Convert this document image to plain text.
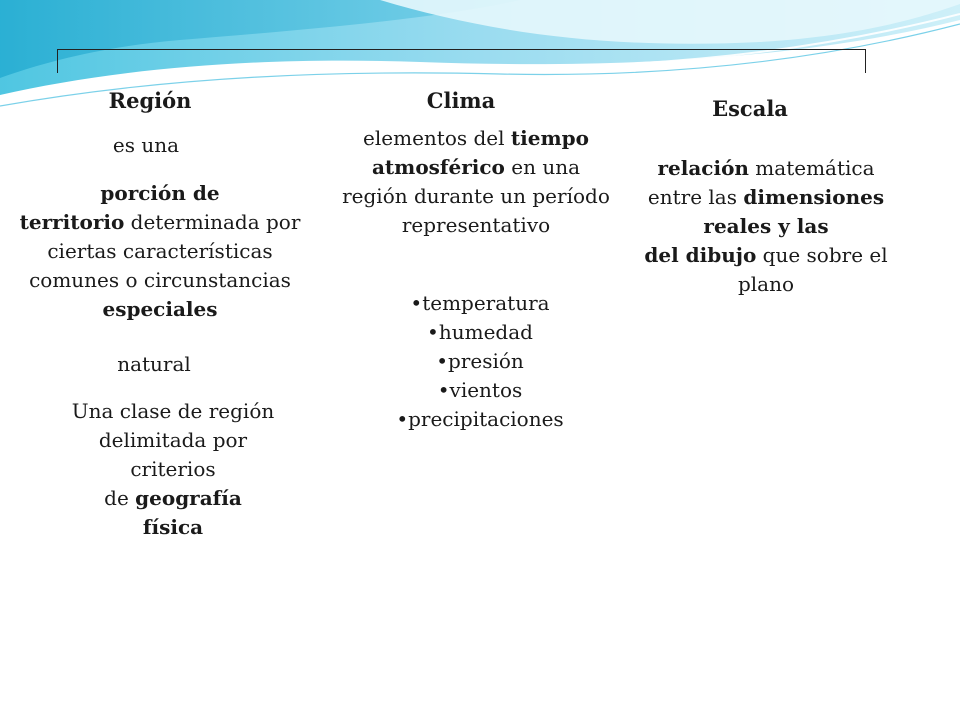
Región	Clima	Escala
es una
porción de
territorio determinada por
ciertas características
comunes o circunstancias
especiales
natural
Una clase de región
delimitada por
criterios
de geografía
física
elementos del tiempo
atmosférico en una
región durante un período
representativo
• temperatura
• humedad
• presión
• vientos
• precipitaciones
relación matemática
entre las dimensiones
reales y las
del dibujo que sobre el
plano
